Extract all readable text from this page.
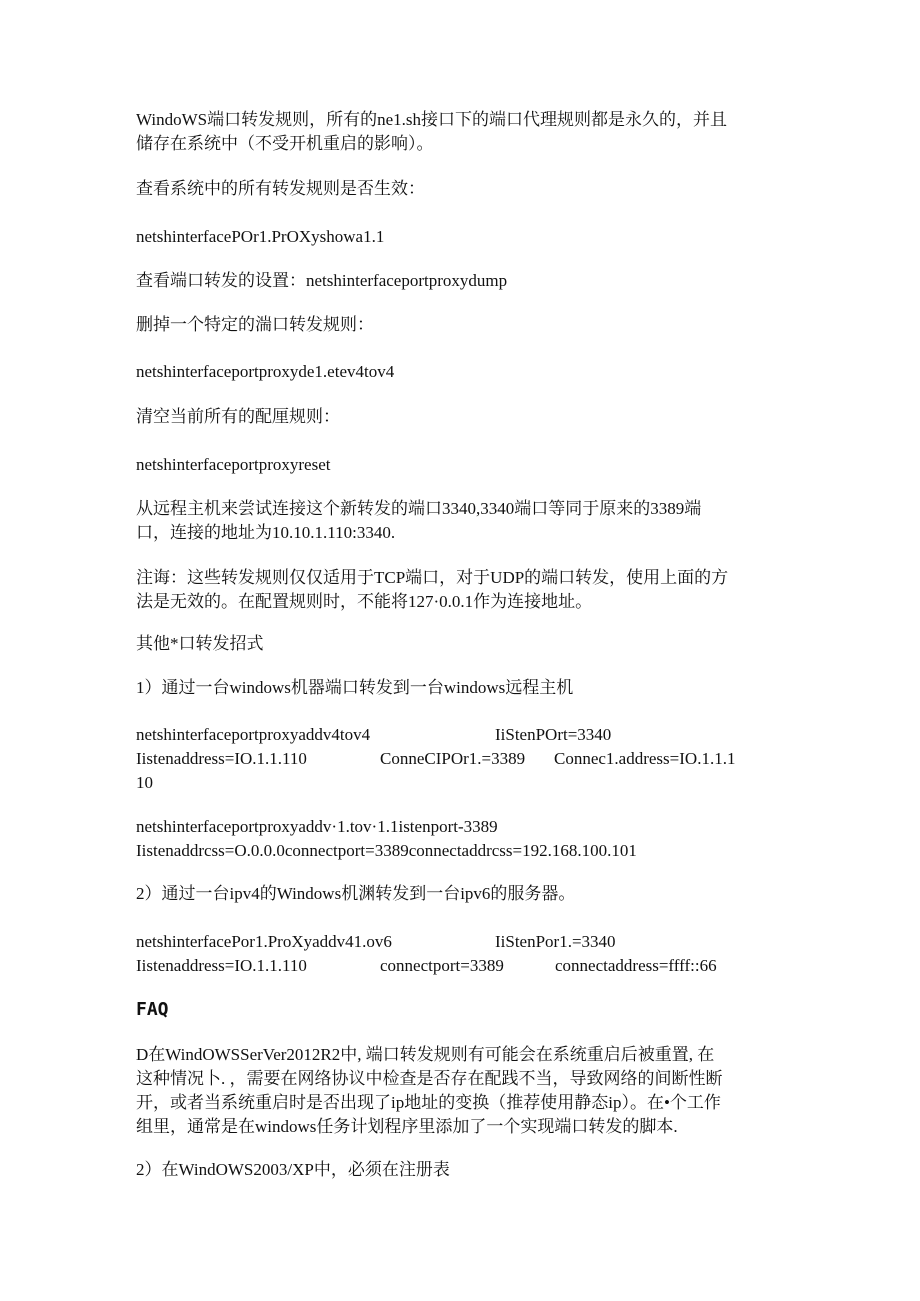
WindoWS端口转发规则，所有的ne1.sh接口下的端口代理规则都是永久的，并且
储存在系统中（不受开机重启的影响）。

查看系统中的所有转发规则是否生效：

netshinterfacePOr1.PrOXyshowa1.1

查看端口转发的设置：netshinterfaceportproxydump

删掉一个特定的湍口转发规则：

netshinterfaceportproxyde1.etev4tov4

清空当前所有的配厘规则：

netshinterfaceportproxyreset

从远程主机来尝试连接这个新转发的端口3340,3340端口等同于原来的3389端
口，连接的地址为10.10.1.110:3340.

注诲：这些转发规则仅仅适用于TCP端口，对于UDP的端口转发，使用上面的方
法是无效的。在配置规则时，不能将127·0.0.1作为连接地址。

其他*口转发招式

1）通过一台windows机器端口转发到一台windows远程主机

netshinterfaceportproxyaddv4tov4	IiStenPOrt=3340
Iistenaddress=IO.1.1.110	ConneCIPOr1.=3389 Connec1.address=IO.1.1.1
10

netshinterfaceportproxyaddv·1.tov·1.1istenport-3389
Iistenaddrcss=O.0.0.0connectport=3389connectaddrcss=192.168.100.101

2）通过一台ipv4的Windows机渊转发到一台ipv6的服务器。

netshinterfacePor1.ProXyaddv41.ov6	IiStenPor1.=3340
Iistenaddress=IO.1.1.110	connectport=3389	connectaddress=ffff::66
FAQ

D在WindOWSSerVer2012R2中, 端口转发规则有可能会在系统重启后被重置, 在
这种情况卜. ，需要在网络协议中检查是否存在配践不当，导致网络的间断性断
开，或者当系统重启时是否出现了ip地址的变换（推荐使用静态ip）。在•个工作
组里，通常是在windows任务计划程序里添加了一个实现端口转发的脚本.

2）在WindOWS2003/XP中，必须在注册表
